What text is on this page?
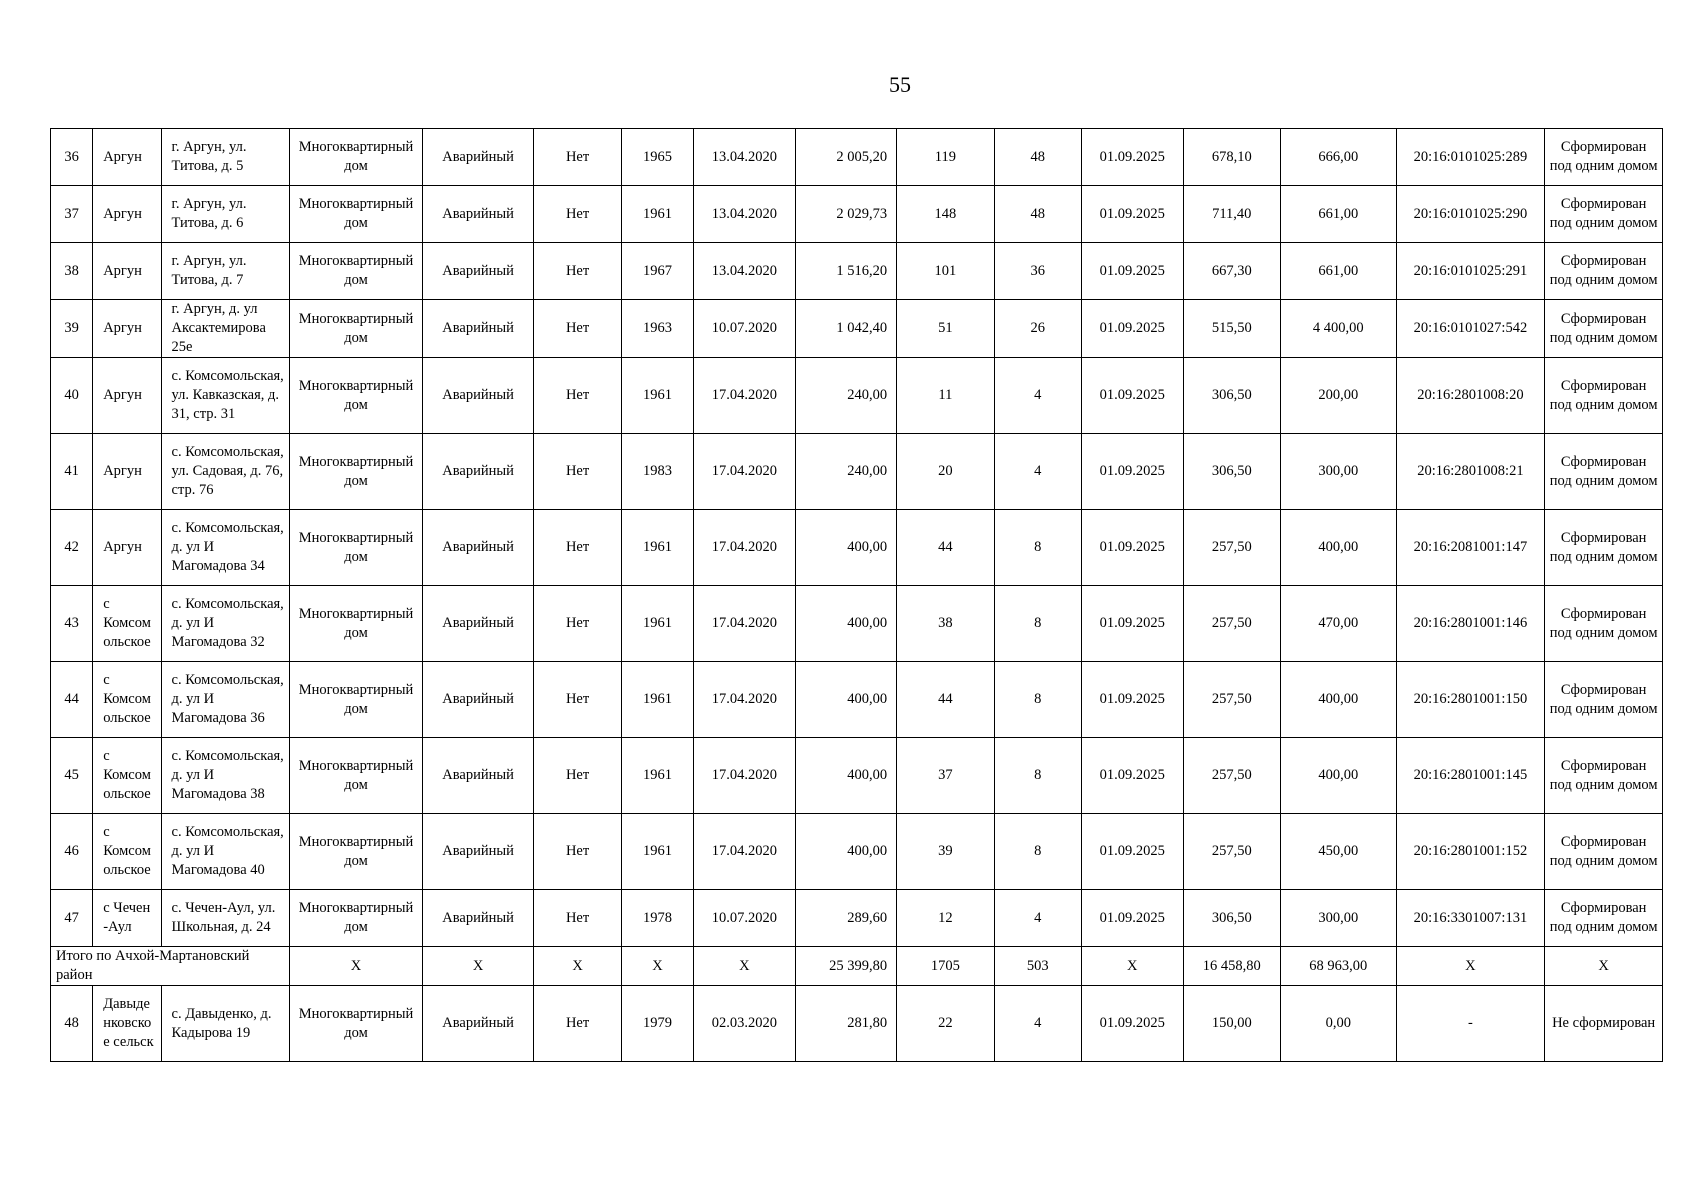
55
36	Аргун	г. Аргун, ул. Титова, д. 5	Многоквартирный дом	Аварийный	Нет	1965	13.04.2020	2 005,20	119	48	01.09.2025	678,10	666,00	20:16:0101025:289	Сформирован под одним домом
37	Аргун	г. Аргун, ул. Титова, д. 6	Многоквартирный дом	Аварийный	Нет	1961	13.04.2020	2 029,73	148	48	01.09.2025	711,40	661,00	20:16:0101025:290	Сформирован под одним домом
38	Аргун	г. Аргун, ул. Титова, д. 7	Многоквартирный дом	Аварийный	Нет	1967	13.04.2020	1 516,20	101	36	01.09.2025	667,30	661,00	20:16:0101025:291	Сформирован под одним домом
39	Аргун	г. Аргун, д. ул Аксактемирова 25е	Многоквартирный дом	Аварийный	Нет	1963	10.07.2020	1 042,40	51	26	01.09.2025	515,50	4 400,00	20:16:0101027:542	Сформирован под одним домом
40	Аргун	с. Комсомольская, ул. Кавказская, д. 31, стр. 31	Многоквартирный дом	Аварийный	Нет	1961	17.04.2020	240,00	11	4	01.09.2025	306,50	200,00	20:16:2801008:20	Сформирован под одним домом
41	Аргун	с. Комсомольская, ул. Садовая, д. 76, стр. 76	Многоквартирный дом	Аварийный	Нет	1983	17.04.2020	240,00	20	4	01.09.2025	306,50	300,00	20:16:2801008:21	Сформирован под одним домом
42	Аргун	с. Комсомольская, д. ул И Магомадова 34	Многоквартирный дом	Аварийный	Нет	1961	17.04.2020	400,00	44	8	01.09.2025	257,50	400,00	20:16:2081001:147	Сформирован под одним домом
43	с Комсомольское	с. Комсомольская, д. ул И Магомадова 32	Многоквартирный дом	Аварийный	Нет	1961	17.04.2020	400,00	38	8	01.09.2025	257,50	470,00	20:16:2801001:146	Сформирован под одним домом
44	с Комсомольское	с. Комсомольская, д. ул И Магомадова 36	Многоквартирный дом	Аварийный	Нет	1961	17.04.2020	400,00	44	8	01.09.2025	257,50	400,00	20:16:2801001:150	Сформирован под одним домом
45	с Комсомольское	с. Комсомольская, д. ул И Магомадова 38	Многоквартирный дом	Аварийный	Нет	1961	17.04.2020	400,00	37	8	01.09.2025	257,50	400,00	20:16:2801001:145	Сформирован под одним домом
46	с Комсомольское	с. Комсомольская, д. ул И Магомадова 40	Многоквартирный дом	Аварийный	Нет	1961	17.04.2020	400,00	39	8	01.09.2025	257,50	450,00	20:16:2801001:152	Сформирован под одним домом
47	с Чечен -Аул	с. Чечен-Аул, ул. Школьная, д. 24	Многоквартирный дом	Аварийный	Нет	1978	10.07.2020	289,60	12	4	01.09.2025	306,50	300,00	20:16:3301007:131	Сформирован под одним домом
Итого по Ачхой-Мартановский район			X	X	X	X	X	25 399,80	1705	503	X	16 458,80	68 963,00	X	X
48	Давыденковское сельск	с. Давыденко, д. Кадырова 19	Многоквартирный дом	Аварийный	Нет	1979	02.03.2020	281,80	22	4	01.09.2025	150,00	0,00	-	Не сформирован
